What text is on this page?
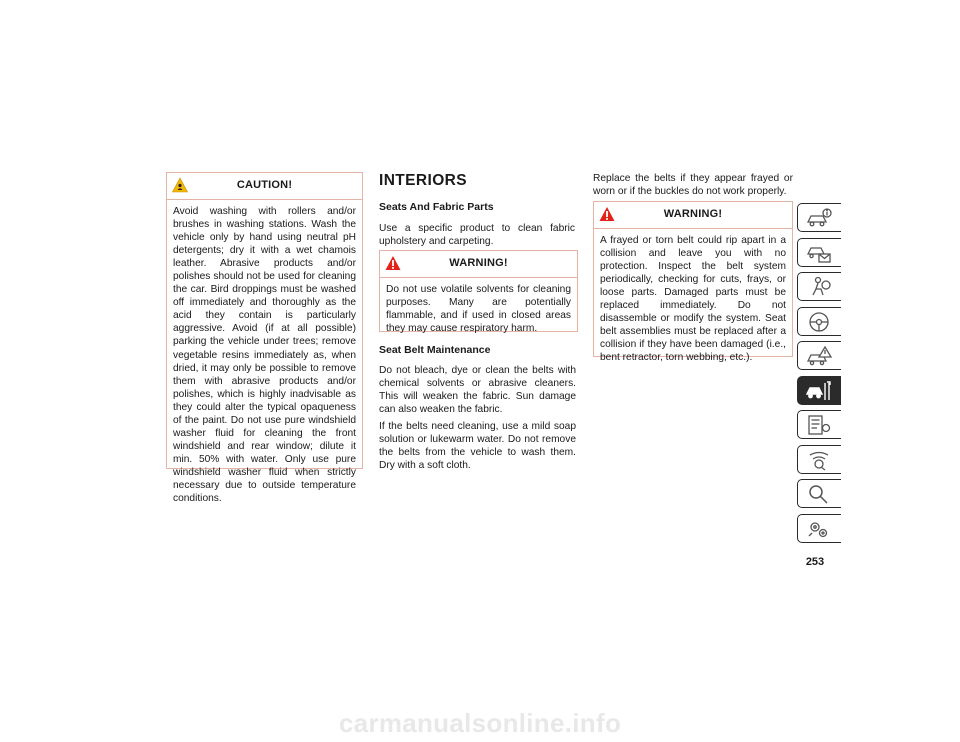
CAUTION!
Avoid washing with rollers and/or brushes in washing stations. Wash the vehicle only by hand using neutral pH detergents; dry it with a wet chamois leather. Abrasive products and/or polishes should not be used for cleaning the car. Bird droppings must be washed off immediately and thoroughly as the acid they contain is particularly aggressive. Avoid (if at all possible) parking the vehicle under trees; remove vegetable resins immediately as, when dried, it may only be possible to remove them with abrasive products and/or polishes, which is highly inadvisable as they could alter the typical opaqueness of the paint. Do not use pure windshield washer fluid for cleaning the front windshield and rear window; dilute it min. 50% with water. Only use pure windshield washer fluid when strictly necessary due to outside temperature conditions.
INTERIORS
Seats And Fabric Parts
Use a specific product to clean fabric upholstery and carpeting.
WARNING!
Do not use volatile solvents for cleaning purposes. Many are potentially flammable, and if used in closed areas they may cause respiratory harm.
Seat Belt Maintenance
Do not bleach, dye or clean the belts with chemical solvents or abrasive cleaners. This will weaken the fabric. Sun damage can also weaken the fabric.
If the belts need cleaning, use a mild soap solution or lukewarm water. Do not remove the belts from the vehicle to wash them. Dry with a soft cloth.
Replace the belts if they appear frayed or worn or if the buckles do not work properly.
WARNING!
A frayed or torn belt could rip apart in a collision and leave you with no protection. Inspect the belt system periodically, checking for cuts, frays, or loose parts. Damaged parts must be replaced immediately. Do not disassemble or modify the system. Seat belt assemblies must be replaced after a collision if they have been damaged (i.e., bent retractor, torn webbing, etc.).
253
carmanualsonline.info
